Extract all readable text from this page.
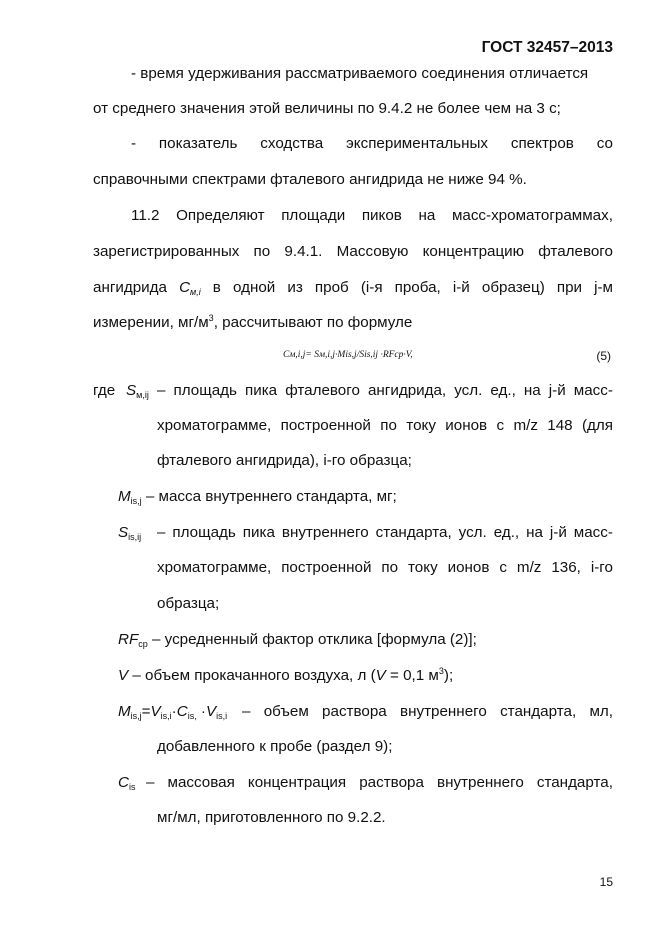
ГОСТ 32457–2013
- время удерживания рассматриваемого соединения отличается
от среднего значения этой величины по 9.4.2 не более чем на 3 с;
- показатель сходства экспериментальных спектров со
справочными спектрами фталевого ангидрида не ниже 94 %.
11.2 Определяют площади пиков на масс-хроматограммах,
зарегистрированных по 9.4.1. Массовую концентрацию фталевого
ангидрида $C_{м,i}$ в одной из проб (i-я проба, i-й образец) при j-м
измерении, $мг/м^3$, рассчитывают по формуле
Cм,i,j= Sм,i,j·Mis,j/Sis,ij ·RFср·V,	(5)
где $S_{м,ij}$ – площадь пика фталевого ангидрида, усл. ед., на j-й масс-
хроматограмме, построенной по току ионов с m/z 148 (для
фталевого ангидрида), i-го образца;
$M_{is,j}$ – масса внутреннего стандарта, мг;
$S_{is,ij}$ – площадь пика внутреннего стандарта, усл. ед., на j-й масс-
хроматограмме, построенной по току ионов с m/z 136, i-го
образца;
$RF_{ср}$ – усредненный фактор отклика [формула (2)];
V – объем прокачанного воздуха, л (V = 0,1 $м^3$);
$M_{is,j}=V_{is,i}\cdot C_{is,} \cdot V_{is,i}$ – объем раствора внутреннего стандарта, мл,
добавленного к пробе (раздел 9);
$C_{is}$ – массовая концентрация раствора внутреннего стандарта,
мг/мл, приготовленного по 9.2.2.
15
